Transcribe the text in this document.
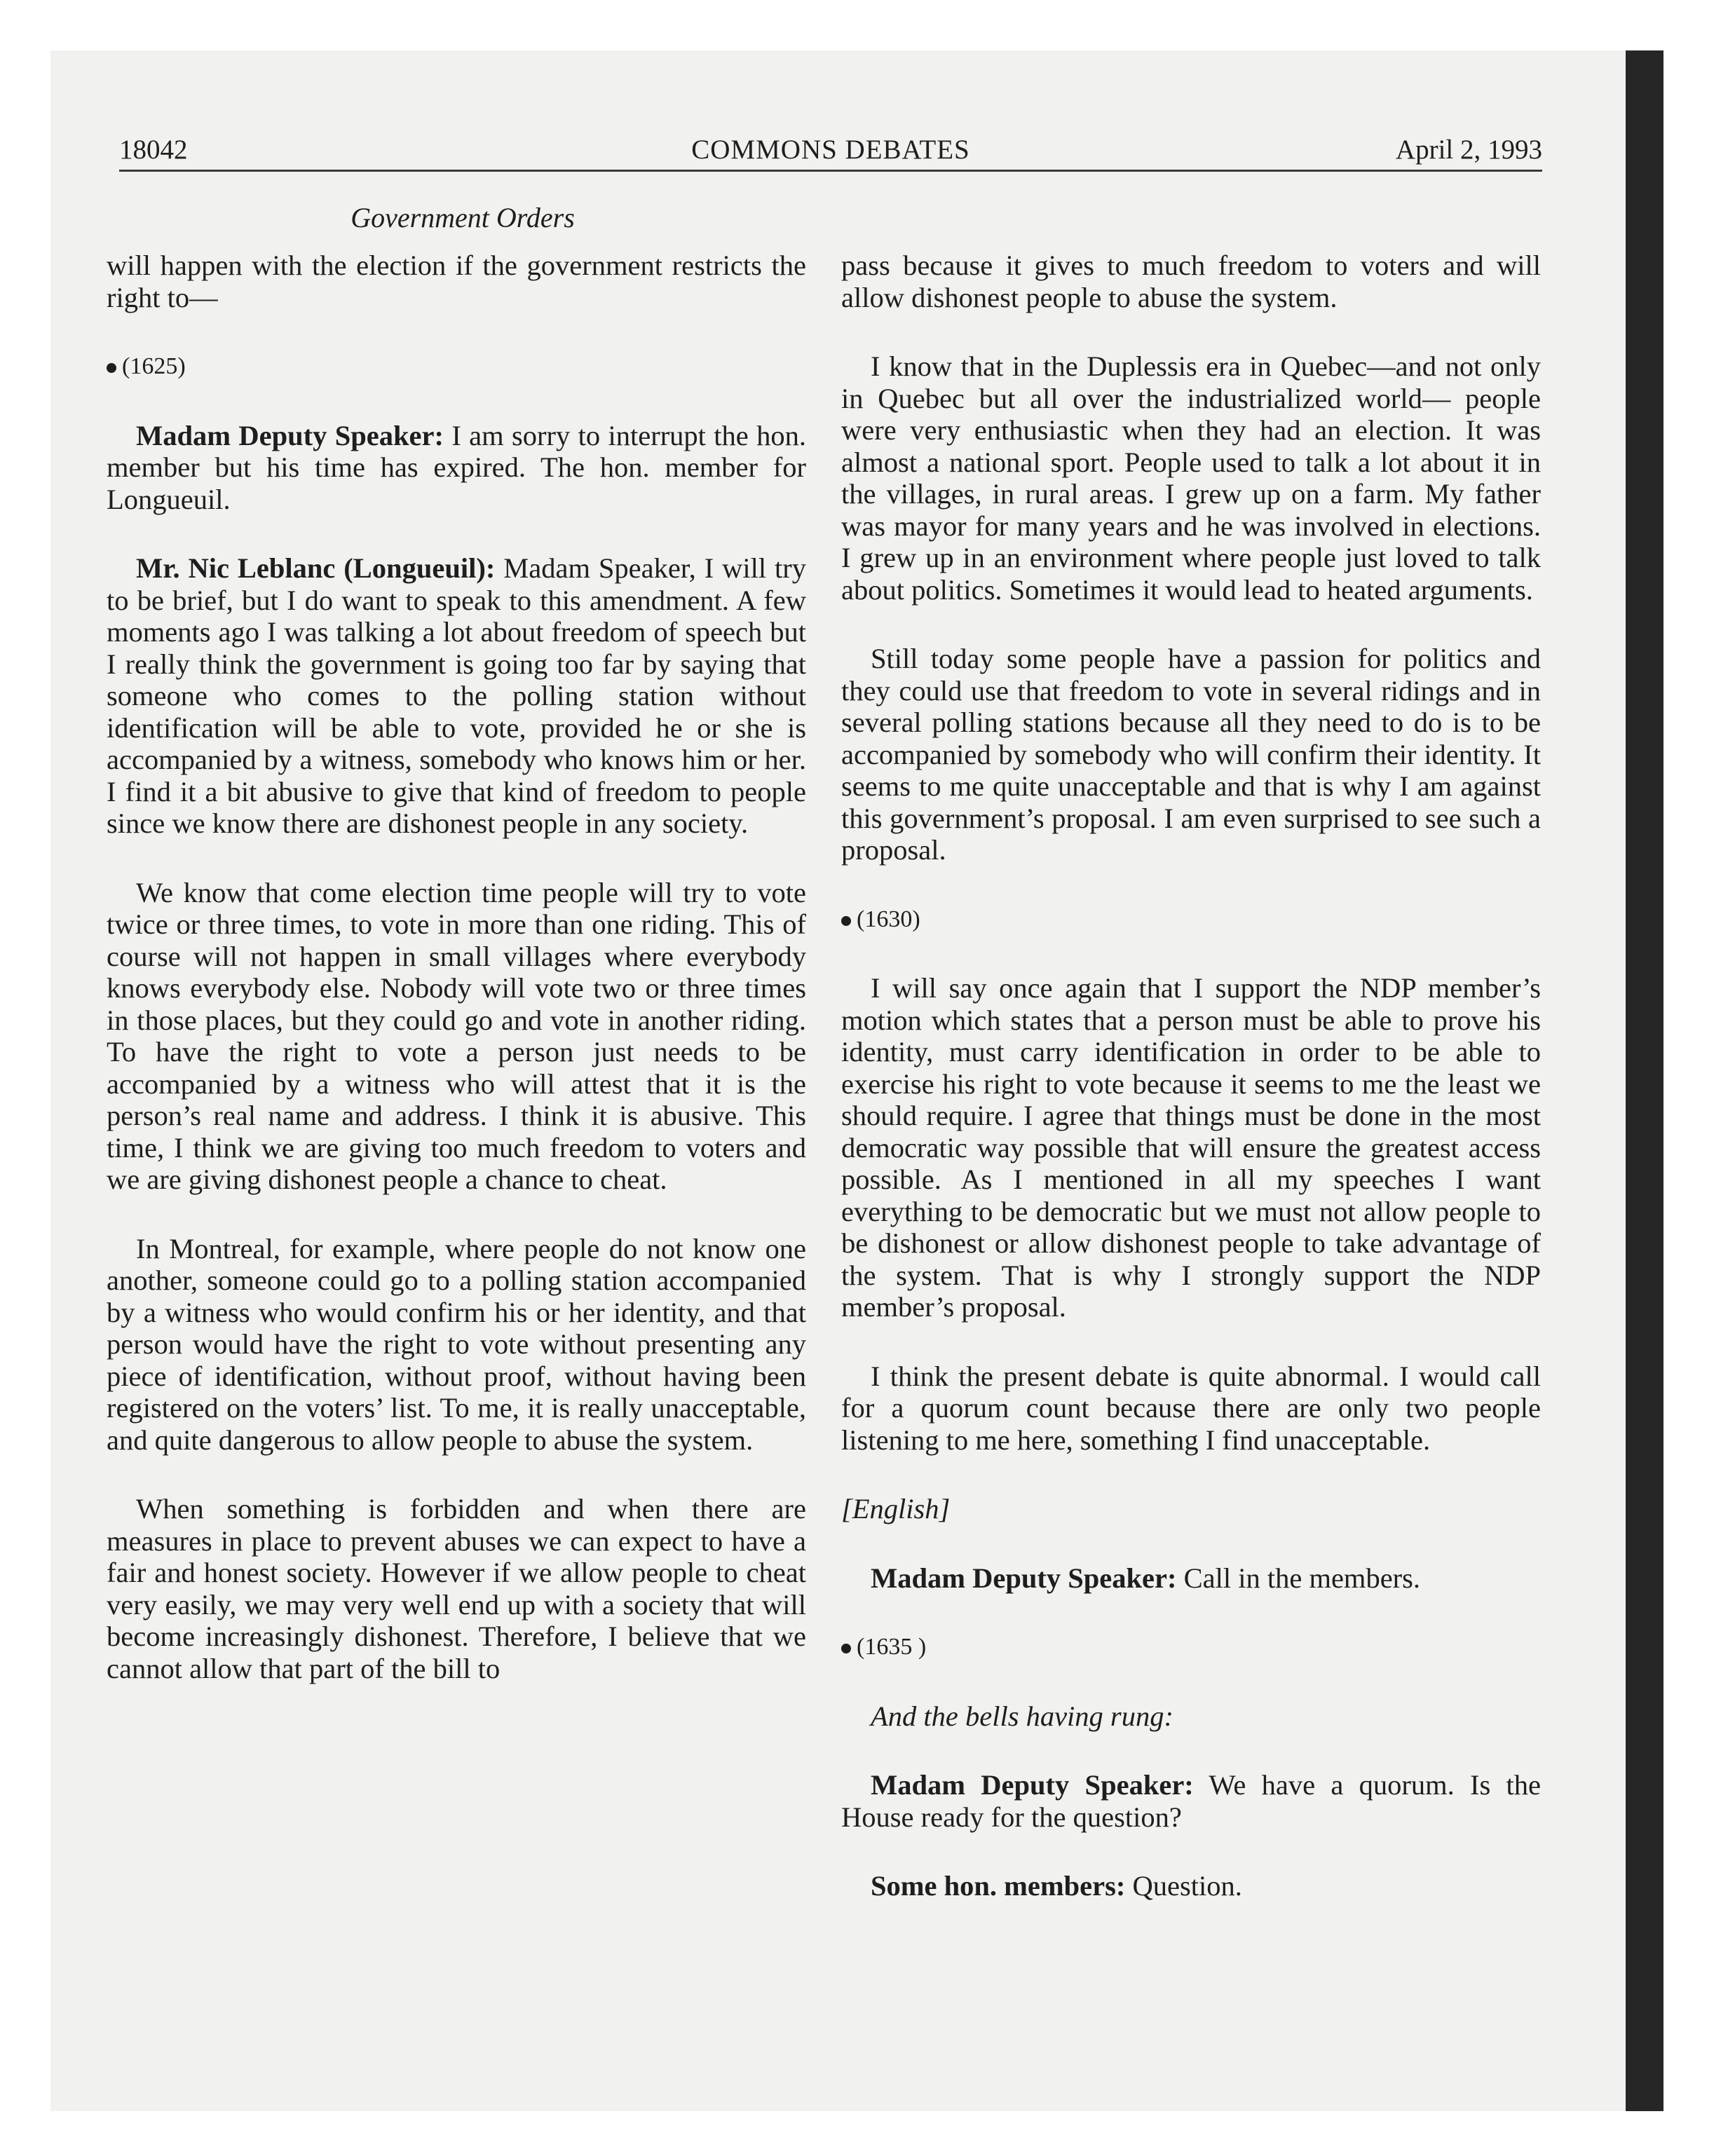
18042	COMMONS DEBATES	April 2, 1993
Government Orders

will happen with the election if the government restricts the right to—

(1625)

Madam Deputy Speaker: I am sorry to interrupt the hon. member but his time has expired. The hon. member for Longueuil.

Mr. Nic Leblanc (Longueuil): Madam Speaker, I will try to be brief, but I do want to speak to this amendment. A few moments ago I was talking a lot about freedom of speech but I really think the government is going too far by saying that someone who comes to the polling station without identification will be able to vote, provided he or she is accompanied by a witness, somebody who knows him or her. I find it a bit abusive to give that kind of freedom to people since we know there are dishonest people in any society.

We know that come election time people will try to vote twice or three times, to vote in more than one riding. This of course will not happen in small villages where everybody knows everybody else. Nobody will vote two or three times in those places, but they could go and vote in another riding. To have the right to vote a person just needs to be accompanied by a witness who will attest that it is the person’s real name and address. I think it is abusive. This time, I think we are giving too much freedom to voters and we are giving dishonest people a chance to cheat.

In Montreal, for example, where people do not know one another, someone could go to a polling station accompanied by a witness who would confirm his or her identity, and that person would have the right to vote without presenting any piece of identification, without proof, without having been registered on the voters’ list. To me, it is really unacceptable, and quite dangerous to allow people to abuse the system.

When something is forbidden and when there are measures in place to prevent abuses we can expect to have a fair and honest society. However if we allow people to cheat very easily, we may very well end up with a society that will become increasingly dishonest. Therefore, I believe that we cannot allow that part of the bill to

pass because it gives to much freedom to voters and will allow dishonest people to abuse the system.

I know that in the Duplessis era in Quebec—and not only in Quebec but all over the industrialized world— people were very enthusiastic when they had an election. It was almost a national sport. People used to talk a lot about it in the villages, in rural areas. I grew up on a farm. My father was mayor for many years and he was involved in elections. I grew up in an environment where people just loved to talk about politics. Sometimes it would lead to heated arguments.

Still today some people have a passion for politics and they could use that freedom to vote in several ridings and in several polling stations because all they need to do is to be accompanied by somebody who will confirm their identity. It seems to me quite unacceptable and that is why I am against this government’s proposal. I am even surprised to see such a proposal.

(1630)

I will say once again that I support the NDP member’s motion which states that a person must be able to prove his identity, must carry identification in order to be able to exercise his right to vote because it seems to me the least we should require. I agree that things must be done in the most democratic way possible that will ensure the greatest access possible. As I mentioned in all my speeches I want everything to be democratic but we must not allow people to be dishonest or allow dishonest people to take advantage of the system. That is why I strongly support the NDP member’s proposal.

I think the present debate is quite abnormal. I would call for a quorum count because there are only two people listening to me here, something I find unacceptable.

[English]

Madam Deputy Speaker: Call in the members.

(1635 )

And the bells having rung:

Madam Deputy Speaker: We have a quorum. Is the House ready for the question?

Some hon. members: Question.
